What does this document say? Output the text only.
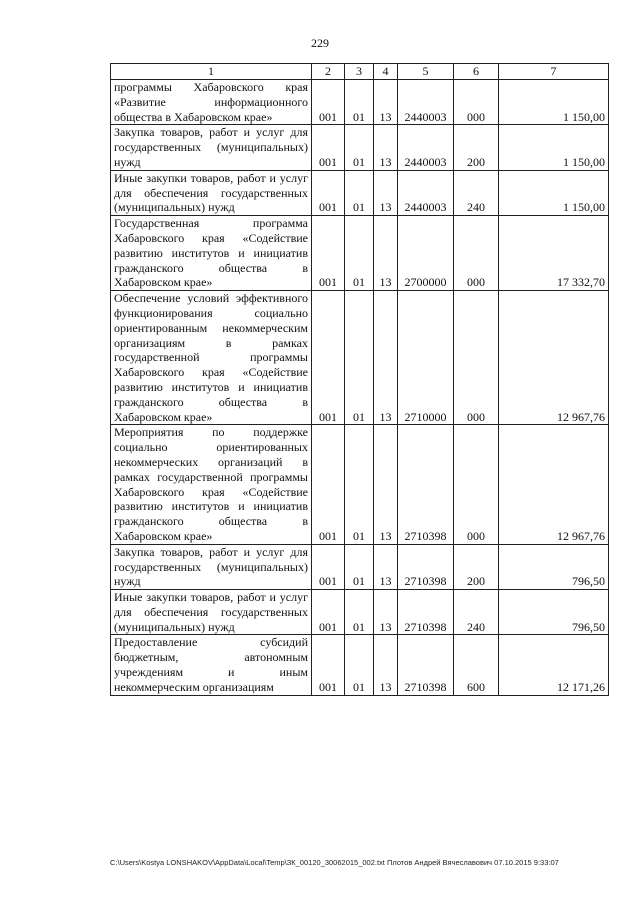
229
1	2	3	4	5	6	7
программы Хабаровского края «Развитие информационного общества в Хабаровском крае»	001	01	13	2440003	000	1 150,00
Закупка товаров, работ и услуг для государственных (муниципальных) нужд	001	01	13	2440003	200	1 150,00
Иные закупки товаров, работ и услуг для обеспечения государственных (муниципальных) нужд	001	01	13	2440003	240	1 150,00
Государственная программа Хабаровского края «Содействие развитию институтов и инициатив гражданского общества в Хабаровском крае»	001	01	13	2700000	000	17 332,70
Обеспечение условий эффективного функционирования социально ориентированным некоммерческим организациям в рамках государственной программы Хабаровского края «Содействие развитию институтов и инициатив гражданского общества в Хабаровском крае»	001	01	13	2710000	000	12 967,76
Мероприятия по поддержке социально ориентированных некоммерческих организаций в рамках государственной программы Хабаровского края «Содействие развитию институтов и инициатив гражданского общества в Хабаровском крае»	001	01	13	2710398	000	12 967,76
Закупка товаров, работ и услуг для государственных (муниципальных) нужд	001	01	13	2710398	200	796,50
Иные закупки товаров, работ и услуг для обеспечения государственных (муниципальных) нужд	001	01	13	2710398	240	796,50
Предоставление субсидий бюджетным, автономным учреждениям и иным некоммерческим организациям	001	01	13	2710398	600	12 171,26
C:\Users\Kostya LONSHAKOV\AppData\Local\Temp\ЗК_00120_30062015_002.txt Плотов Андрей Вячеславович 07.10.2015 9:33:07
